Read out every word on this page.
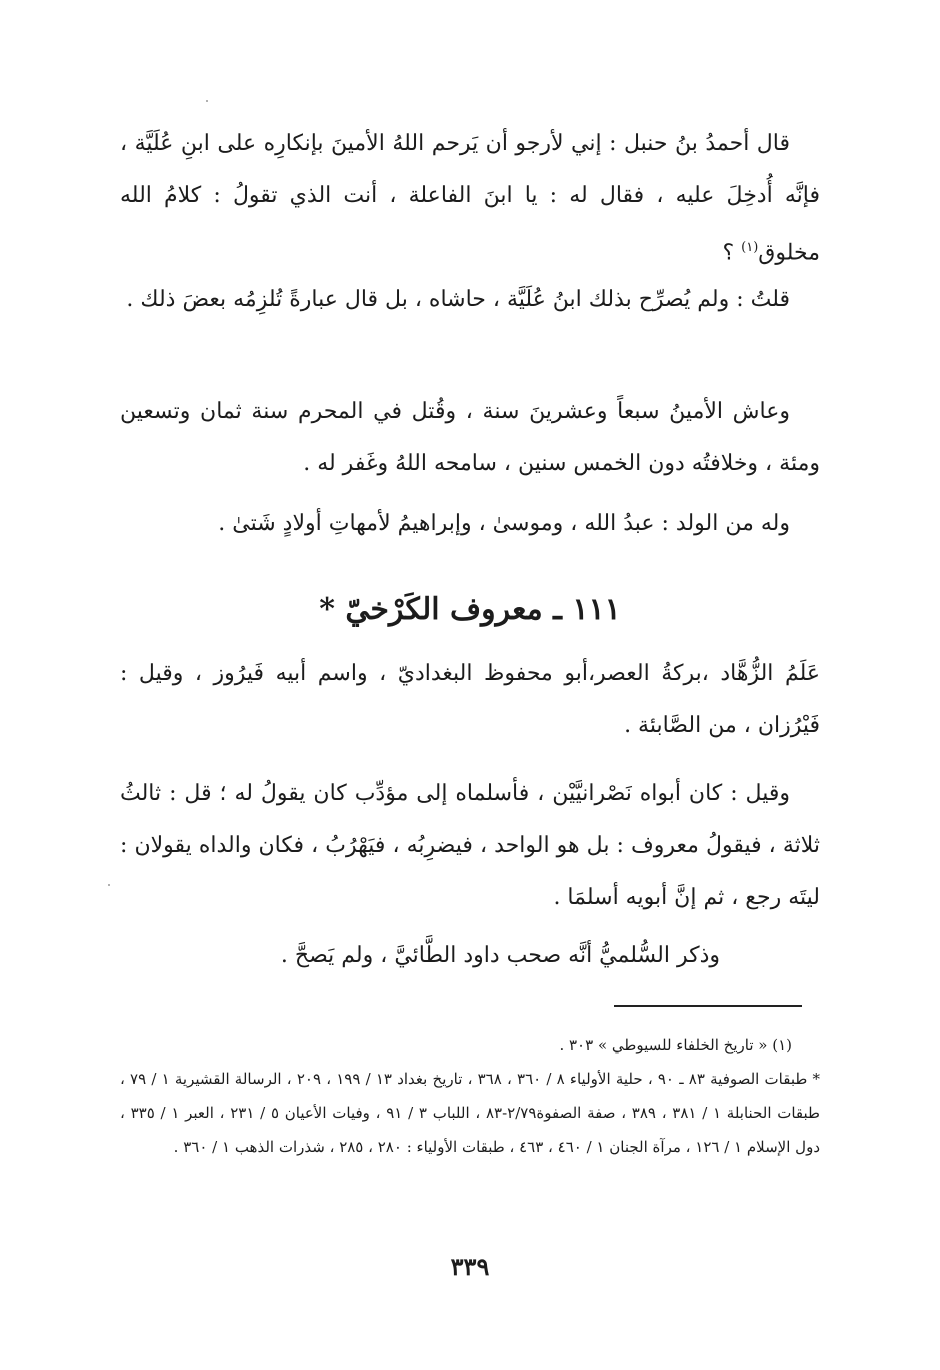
قال أحمدُ بنُ حنبل : إني لأرجو أن يَرحم اللهُ الأمينَ بإنكارِه على ابنِ عُلَيَّة ، فإنَّه أُدخِلَ عليه ، فقال له : يا ابنَ الفاعلة ، أنت الذي تقولُ : كلامُ الله مخلوق$^{(١)}$ ؟

قلتُ : ولم يُصرِّح بذلك ابنُ عُلَيَّة ، حاشاه ، بل قال عبارةً تُلزِمُه بعضَ ذلك .

وعاش الأمينُ سبعاً وعشرينَ سنة ، وقُتل في المحرم سنة ثمان وتسعين ومئة ، وخلافتُه دون الخمس سنين ، سامحه اللهُ وغَفر له .

وله من الولد : عبدُ الله ، وموسىٰ ، وإبراهيمُ لأمهاتِ أولادٍ شَتىٰ .

١١١ ـ معروف الكَرْخيّ *

عَلَمُ الزُّهَّاد ،بركةُ العصر،أبو محفوظ البغداديّ ، واسم أبيه فَيرُوز ، وقيل : فَيْرُزان ، من الصَّابئة .

وقيل : كان أبواه نَصْرانيَّيْن ، فأسلماه إلى مؤدِّب كان يقولُ له ؛ قل : ثالثُ ثلاثة ، فيقولُ معروف : بل هو الواحد ، فيضرِبُه ، فيَهْرُبُ ، فكان والداه يقولان : ليتَه رجع ، ثم إنَّ أبويه أسلمَا .

وذكر السُّلميُّ أنَّه صحب داود الطَّائيَّ ، ولم يَصحَّ .

(١) « تاريخ الخلفاء للسيوطي » ٣٠٣ .

* طبقات الصوفية ٨٣ ـ ٩٠ ، حلية الأولياء ٨ / ٣٦٠ ، ٣٦٨ ، تاريخ بغداد ١٣ / ١٩٩ ، ٢٠٩ ، الرسالة القشيرية ١ / ٧٩ ، طبقات الحنابلة ١ / ٣٨١ ، ٣٨٩ ، صفة الصفوة٢/٧٩-٨٣ ، اللباب ٣ / ٩١ ، وفيات الأعيان ٥ / ٢٣١ ، العبر ١ / ٣٣٥ ، دول الإسلام ١ / ١٢٦ ، مرآة الجنان ١ / ٤٦٠ ، ٤٦٣ ، طبقات الأولياء : ٢٨٠ ، ٢٨٥ ، شذرات الذهب ١ / ٣٦٠ .

٣٣٩
